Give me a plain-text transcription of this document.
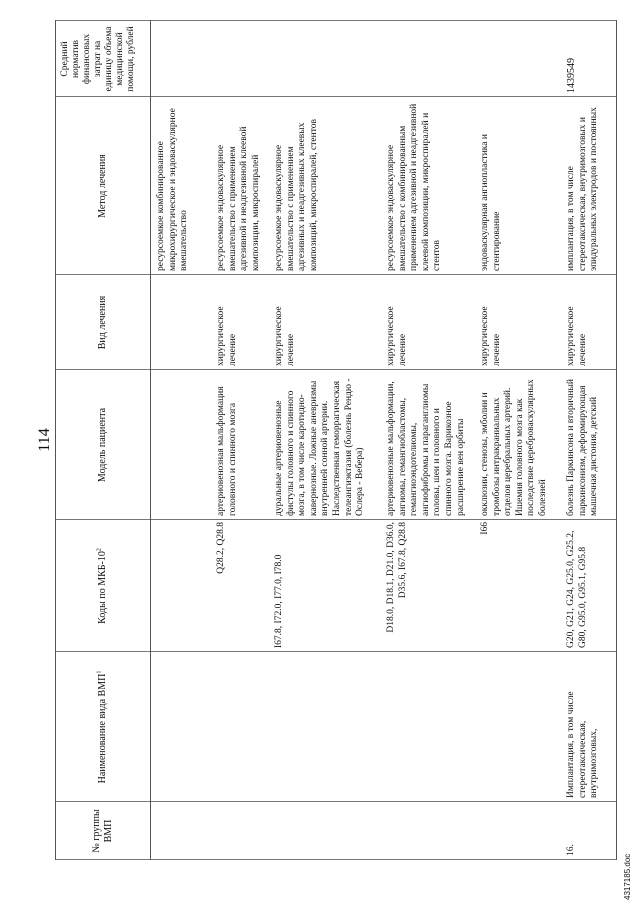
114
№ группы ВМП
Наименование вида ВМП$^1$
Коды по МКБ-$10^2$
Модель пациента
Вид лечения
Метод лечения
Средний норматив финансовых затрат на единицу объема медицинской помощи, рублей
ресурсоемкое комбинированное микрохирургическое и эндоваскулярное вмешательство
Q28.2, Q28.8
артериовенозная мальформация головного и спинного мозга
хирургическое лечение
ресурсоемкое эндоваскулярное вмешательство с применением адгезивной и неадгезивной клеевой композиции, микроспиралей
I67.8, I72.0, I77.0, I78.0
дуральные артериовенозные фистулы головного и спинного мозга, в том числе каротидно-кавернозные. Ложные аневризмы внутренней сонной артерии. Наследственная геморрагическая телеангиэктазия (болезнь Рендю - Ослера - Вебера)
хирургическое лечение
ресурсоемкое эндоваскулярное вмешательство с применением адгезивных и неадгезивных клеевых композиций, микроспиралей, стентов
D18.0, D18.1, D21.0, D36.0, D35.6, I67.8, Q28.8
артериовенозные мальформации, ангиомы, гемангиобластомы, гемангиоэндотелиомы, ангиофибромы и параганглиомы головы, шеи и головного и спинного мозга. Варикозное расширение вен орбиты
хирургическое лечение
ресурсоемкое эндоваскулярное вмешательство с комбинированным применением адгезивной и неадгезивной клеевой композиции, микроспиралей и стентов
I66
окклюзии, стенозы, эмболии и тромбозы интракраниальных отделов церебральных артерий. Ишемия головного мозга как последствие цереброваскулярных болезней
хирургическое лечение
эндоваскулярная ангиопластика и стентирование
16.
Имплантация, в том числе стереотаксическая, внутримозговых,
G20, G21, G24, G25.0, G25.2, G80, G95.0, G95.1, G95.8
болезнь Паркинсона и вторичный паркинсонизм, деформирующая мышечная дистония, детский
хирургическое лечение
имплантация, в том числе стереотаксическая, внутримозговых и эпидуральных электродов и постоянных
1439549
4317185.doc
